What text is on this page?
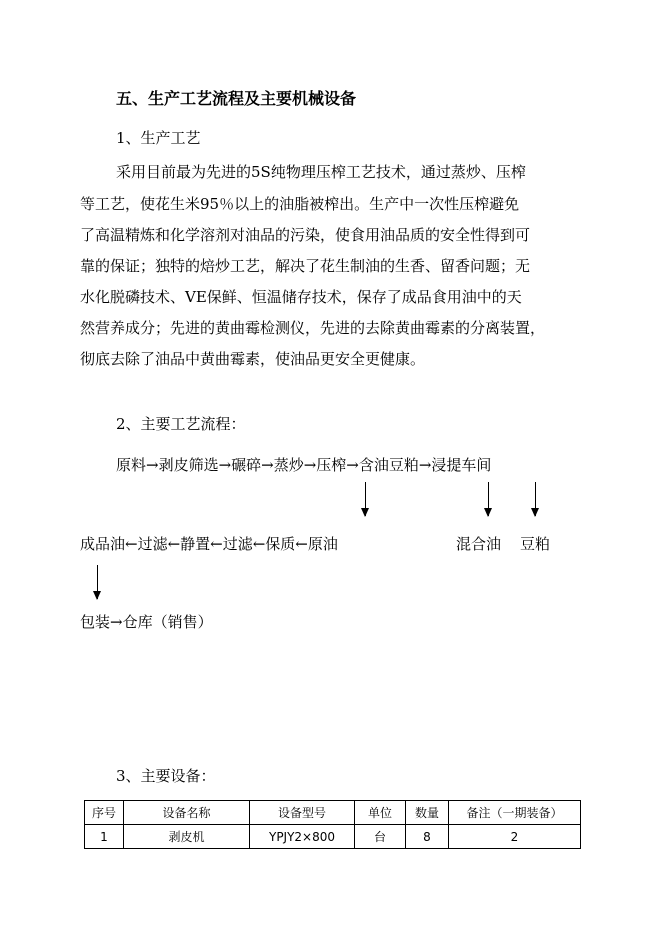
五、生产工艺流程及主要机械设备
1、生产工艺
采用目前最为先进的5S纯物理压榨工艺技术，通过蒸炒、压榨
等工艺，使花生米95％以上的油脂被榨出。生产中一次性压榨避免
了高温精炼和化学溶剂对油品的污染，使食用油品质的安全性得到可
靠的保证；独特的焙炒工艺，解决了花生制油的生香、留香问题；无
水化脱磷技术、VE保鲜、恒温储存技术，保存了成品食用油中的天
然营养成分；先进的黄曲霉检测仪，先进的去除黄曲霉素的分离装置，
彻底去除了油品中黄曲霉素，使油品更安全更健康。
2、主要工艺流程：
原料→剥皮筛选→碾碎→蒸炒→压榨→含油豆粕→浸提车间
成品油←过滤←静置←过滤←保质←原油	混合油 豆粕
包装→仓库（销售）
3、主要设备：
序号	设备名称	设备型号	单位	数量	备注（一期装备）
1	剥皮机	YPJY2×800	台	8	2
